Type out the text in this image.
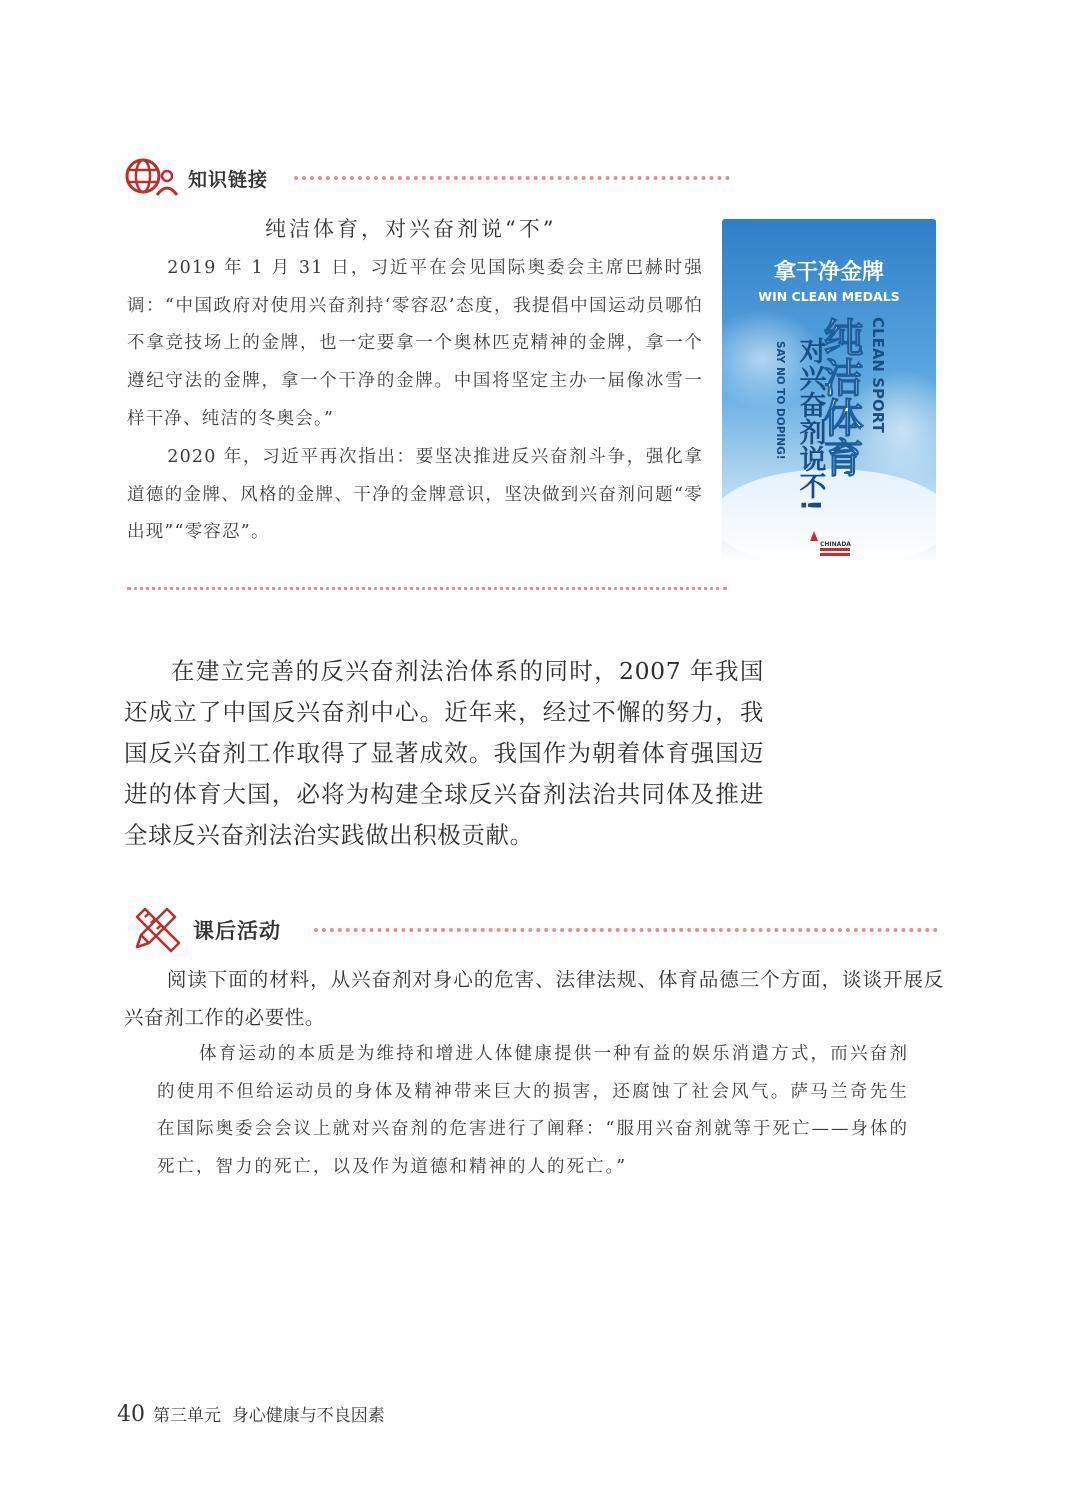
知识链接
纯洁体育，对兴奋剂说“不”

2019 年 1 月 31 日，习近平在会见国际奥委会主席巴赫时强调：“中国政府对使用兴奋剂持‘零容忍’态度，我提倡中国运动员哪怕不拿竞技场上的金牌，也一定要拿一个奥林匹克精神的金牌，拿一个遵纪守法的金牌，拿一个干净的金牌。中国将坚定主办一届像冰雪一样干净、纯洁的冬奥会。”

2020 年，习近平再次指出：要坚决推进反兴奋剂斗争，强化拿道德的金牌、风格的金牌、干净的金牌意识，坚决做到兴奋剂问题“零出现”“零容忍”。

拿干净金牌
WIN CLEAN MEDALS
纯洁体育 CLEAN SPORT
对兴奋剂说不!
SAY NO TO DOPING!
CHINADA

在建立完善的反兴奋剂法治体系的同时，2007 年我国还成立了中国反兴奋剂中心。近年来，经过不懈的努力，我国反兴奋剂工作取得了显著成效。我国作为朝着体育强国迈进的体育大国，必将为构建全球反兴奋剂法治共同体及推进全球反兴奋剂法治实践做出积极贡献。

课后活动

阅读下面的材料，从兴奋剂对身心的危害、法律法规、体育品德三个方面，谈谈开展反兴奋剂工作的必要性。

体育运动的本质是为维持和增进人体健康提供一种有益的娱乐消遣方式，而兴奋剂的使用不但给运动员的身体及精神带来巨大的损害，还腐蚀了社会风气。萨马兰奇先生在国际奥委会会议上就对兴奋剂的危害进行了阐释：“服用兴奋剂就等于死亡——身体的死亡，智力的死亡，以及作为道德和精神的人的死亡。”

40 第三单元  身心健康与不良因素
